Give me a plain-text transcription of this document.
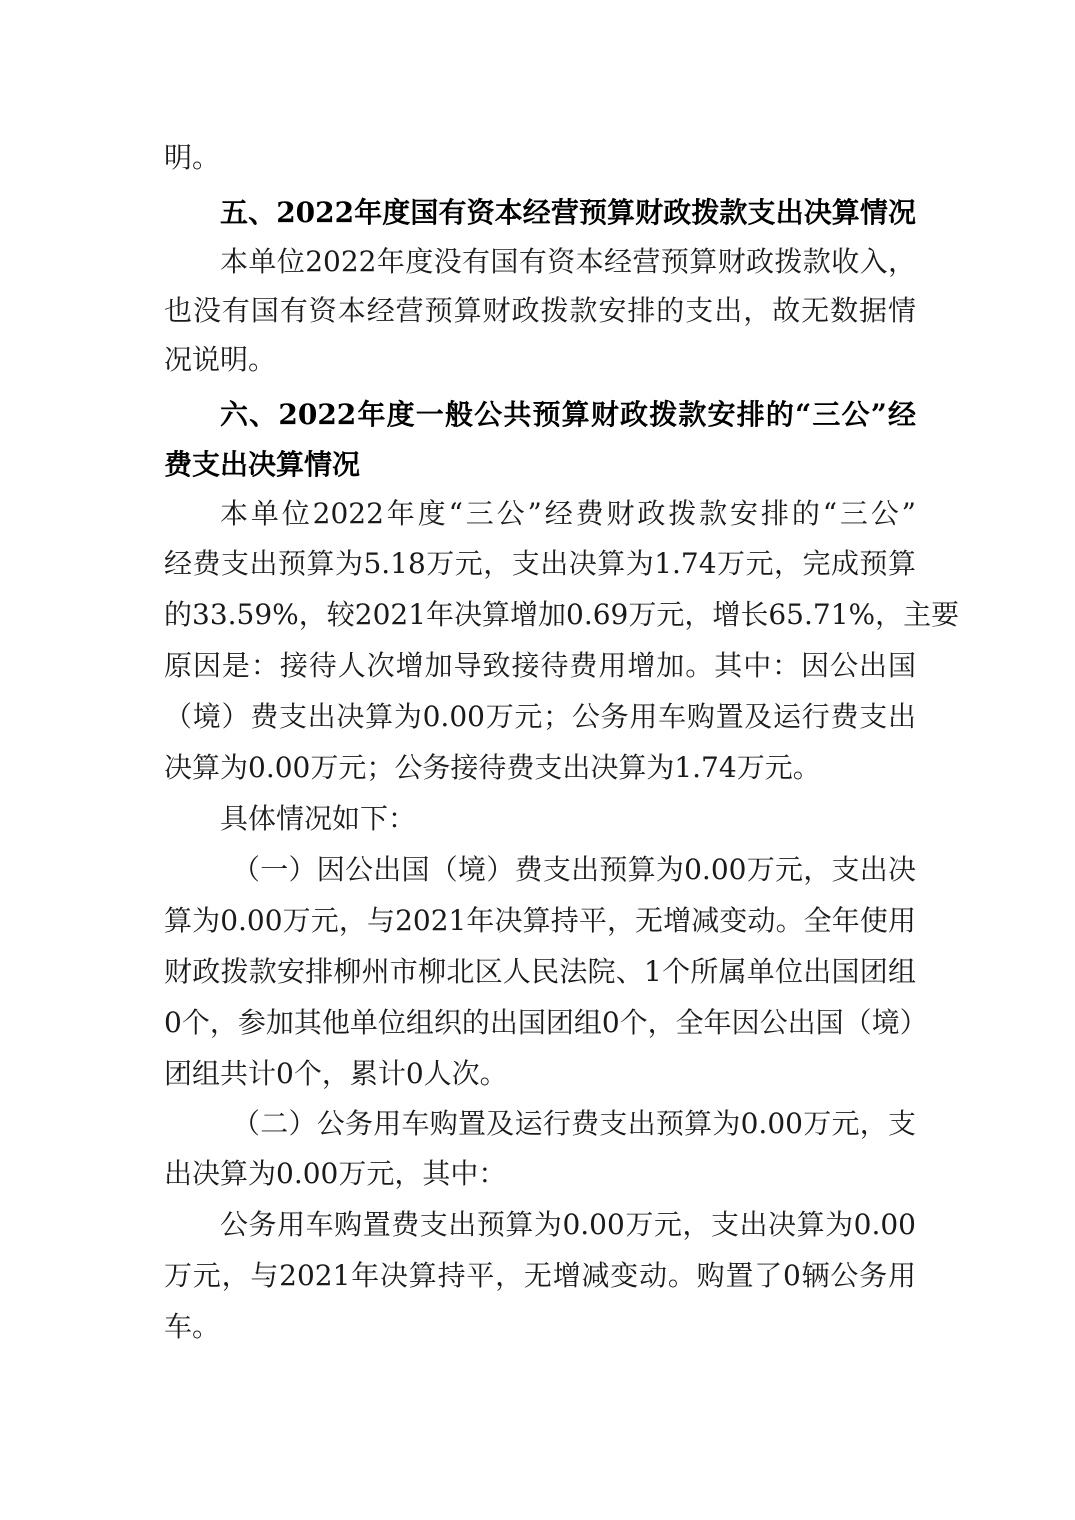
明。
五、2022年度国有资本经营预算财政拨款支出决算情况
本单位2022年度没有国有资本经营预算财政拨款收入，
也没有国有资本经营预算财政拨款安排的支出，故无数据情
况说明。
六、2022年度一般公共预算财政拨款安排的“三公”经
费支出决算情况
本单位2022年度“三公”经费财政拨款安排的“三公”
经费支出预算为5.18万元，支出决算为1.74万元，完成预算
的33.59%，较2021年决算增加0.69万元，增长65.71%，主要
原因是：接待人次增加导致接待费用增加。其中：因公出国
（境）费支出决算为0.00万元；公务用车购置及运行费支出
决算为0.00万元；公务接待费支出决算为1.74万元。
具体情况如下：
（一）因公出国（境）费支出预算为0.00万元，支出决
算为0.00万元，与2021年决算持平，无增减变动。全年使用
财政拨款安排柳州市柳北区人民法院、1个所属单位出国团组
0个，参加其他单位组织的出国团组0个，全年因公出国（境）
团组共计0个，累计0人次。
（二）公务用车购置及运行费支出预算为0.00万元，支
出决算为0.00万元，其中：
公务用车购置费支出预算为0.00万元，支出决算为0.00
万元，与2021年决算持平，无增减变动。购置了0辆公务用
车。
